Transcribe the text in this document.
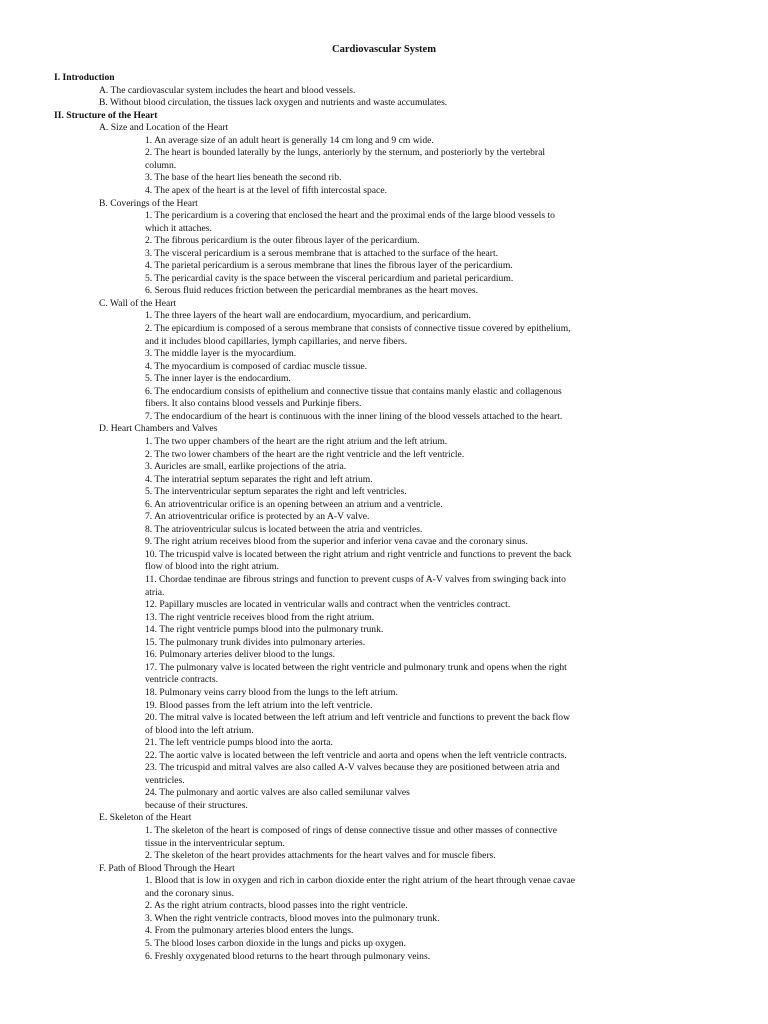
Cardiovascular System
I. Introduction
A. The cardiovascular system includes the heart and blood vessels.
B. Without blood circulation, the tissues lack oxygen and nutrients and waste accumulates.
II. Structure of the Heart
A. Size and Location of the Heart
1. An average size of an adult heart is generally 14 cm long and 9 cm wide.
2. The heart is bounded laterally by the lungs, anteriorly by the sternum, and posteriorly by the vertebral
column.
3. The base of the heart lies beneath the second rib.
4. The apex of the heart is at the level of fifth intercostal space.
B. Coverings of the Heart
1. The pericardium is a covering that enclosed the heart and the proximal ends of the large blood vessels to
which it attaches.
2. The fibrous pericardium is the outer fibrous layer of the pericardium.
3. The visceral pericardium is a serous membrane that is attached to the surface of the heart.
4. The parietal pericardium is a serous membrane that lines the fibrous layer of the pericardium.
5. The pericardial cavity is the space between the visceral pericardium and parietal pericardium.
6. Serous fluid reduces friction between the pericardial membranes as the heart moves.
C. Wall of the Heart
1. The three layers of the heart wall are endocardium, myocardium, and pericardium.
2. The epicardium is composed of a serous membrane that consists of connective tissue covered by epithelium,
and it includes blood capillaries, lymph capillaries, and nerve fibers.
3. The middle layer is the myocardium.
4. The myocardium is composed of cardiac muscle tissue.
5. The inner layer is the endocardium.
6. The endocardium consists of epithelium and connective tissue that contains manly elastic and collagenous
fibers. It also contains blood vessels and Purkinje fibers.
7. The endocardium of the heart is continuous with the inner lining of the blood vessels attached to the heart.
D. Heart Chambers and Valves
1. The two upper chambers of the heart are the right atrium and the left atrium.
2. The two lower chambers of the heart are the right ventricle and the left ventricle.
3. Auricles are small, earlike projections of the atria.
4. The interatrial septum separates the right and left atrium.
5. The interventricular septum separates the right and left ventricles.
6. An atrioventricular orifice is an opening between an atrium and a ventricle.
7. An atrioventricular orifice is protected by an A-V valve.
8. The atrioventricular sulcus is located between the atria and ventricles.
9. The right atrium receives blood from the superior and inferior vena cavae and the coronary sinus.
10. The tricuspid valve is located between the right atrium and right ventricle and functions to prevent the back
flow of blood into the right atrium.
11. Chordae tendinae are fibrous strings and function to prevent cusps of A-V valves from swinging back into
atria.
12. Papillary muscles are located in ventricular walls and contract when the ventricles contract.
13. The right ventricle receives blood from the right atrium.
14. The right ventricle pumps blood into the pulmonary trunk.
15. The pulmonary trunk divides into pulmonary arteries.
16. Pulmonary arteries deliver blood to the lungs.
17. The pulmonary valve is located between the right ventricle and pulmonary trunk and opens when the right
ventricle contracts.
18. Pulmonary veins carry blood from the lungs to the left atrium.
19. Blood passes from the left atrium into the left ventricle.
20. The mitral valve is located between the left atrium and left ventricle and functions to prevent the back flow
of blood into the left atrium.
21. The left ventricle pumps blood into the aorta.
22. The aortic valve is located between the left ventricle and aorta and opens when the left ventricle contracts.
23. The tricuspid and mitral valves are also called A-V valves because they are positioned between atria and
ventricles.
24. The pulmonary and aortic valves are also called semilunar valves
because of their structures.
E. Skeleton of the Heart
1. The skeleton of the heart is composed of rings of dense connective tissue and other masses of connective
tissue in the interventricular septum.
2. The skeleton of the heart provides attachments for the heart valves and for muscle fibers.
F. Path of Blood Through the Heart
1. Blood that is low in oxygen and rich in carbon dioxide enter the right atrium of the heart through venae cavae
and the coronary sinus.
2. As the right atrium contracts, blood passes into the right ventricle.
3. When the right ventricle contracts, blood moves into the pulmonary trunk.
4. From the pulmonary arteries blood enters the lungs.
5. The blood loses carbon dioxide in the lungs and picks up oxygen.
6. Freshly oxygenated blood returns to the heart through pulmonary veins.
